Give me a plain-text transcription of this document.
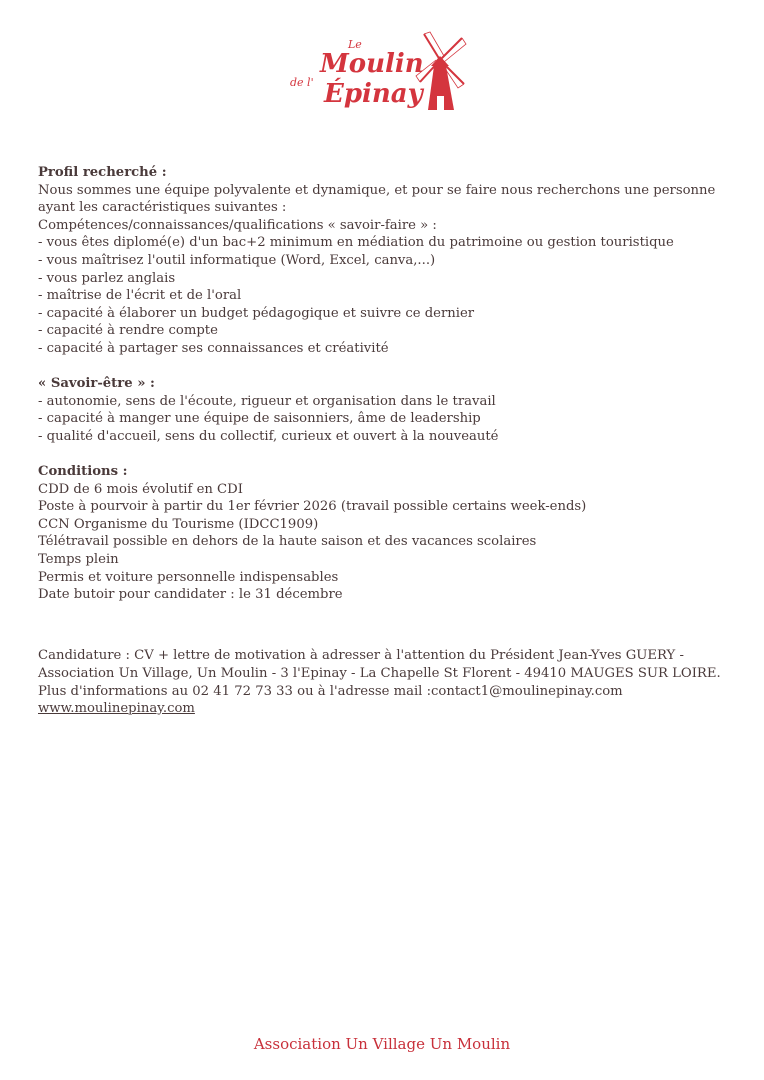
Le
Moulin
de l' Épinay
Profil recherché :
Nous sommes une équipe polyvalente et dynamique, et pour se faire nous recherchons une personne
ayant les caractéristiques suivantes :
Compétences/connaissances/qualifications « savoir-faire » :
- vous êtes diplomé(e) d'un bac+2 minimum en médiation du patrimoine ou gestion touristique
- vous maîtrisez l'outil informatique (Word, Excel, canva,...)
- vous parlez anglais
- maîtrise de l'écrit et de l'oral
- capacité à élaborer un budget pédagogique et suivre ce dernier
- capacité à rendre compte
- capacité à partager ses connaissances et créativité
« Savoir-être » :
- autonomie, sens de l'écoute, rigueur et organisation dans le travail
- capacité à manger une équipe de saisonniers, âme de leadership
- qualité d'accueil, sens du collectif, curieux et ouvert à la nouveauté
Conditions :
CDD de 6 mois évolutif en CDI
Poste à pourvoir à partir du 1er février 2026 (travail possible certains week-ends)
CCN Organisme du Tourisme (IDCC1909)
Télétravail possible en dehors de la haute saison et des vacances scolaires
Temps plein
Permis et voiture personnelle indispensables
Date butoir pour candidater : le 31 décembre
Candidature : CV + lettre de motivation à adresser à l'attention du Président Jean-Yves GUERY -
Association Un Village, Un Moulin - 3 l'Epinay - La Chapelle St Florent - 49410 MAUGES SUR LOIRE.
Plus d'informations au 02 41 72 73 33 ou à l'adresse mail :contact1@moulinepinay.com
www.moulinepinay.com
Association Un Village Un Moulin
